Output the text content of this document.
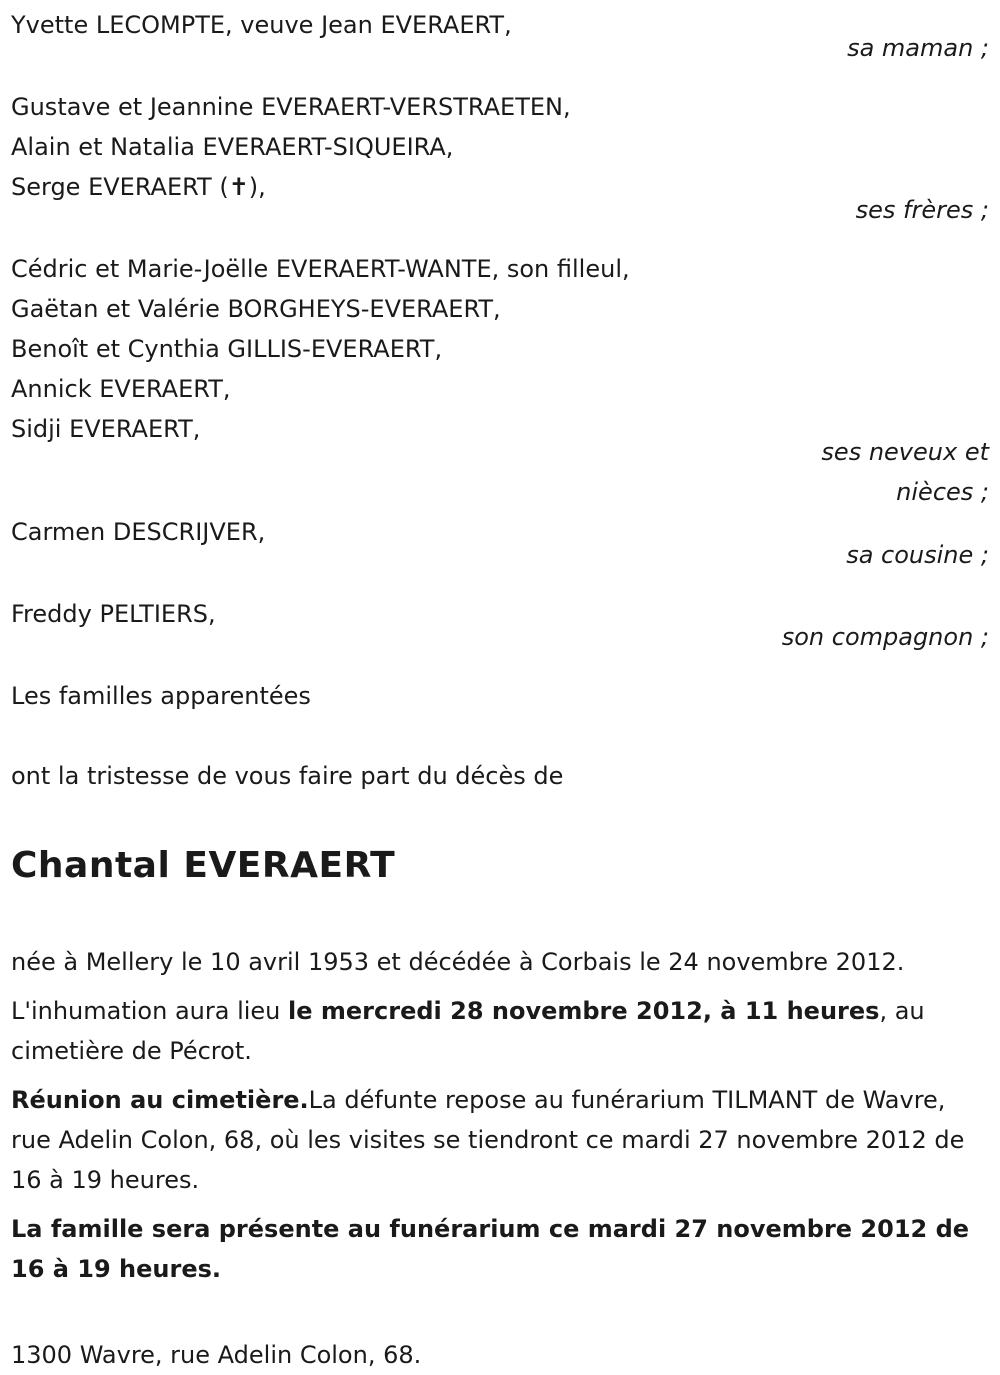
Yvette LECOMPTE, veuve Jean EVERAERT,
sa maman ;
Gustave et Jeannine EVERAERT-VERSTRAETEN,
Alain et Natalia EVERAERT-SIQUEIRA,
Serge EVERAERT (✝),
ses frères ;
Cédric et Marie-Joëlle EVERAERT-WANTE, son filleul,
Gaëtan et Valérie BORGHEYS-EVERAERT,
Benoît et Cynthia GILLIS-EVERAERT,
Annick EVERAERT,
Sidji EVERAERT,
ses neveux et
nièces ;
Carmen DESCRIJVER,
sa cousine ;
Freddy PELTIERS,
son compagnon ;
Les familles apparentées
ont la tristesse de vous faire part du décès de
Chantal EVERAERT

née à Mellery le 10 avril 1953 et décédée à Corbais le 24 novembre 2012.

L'inhumation aura lieu le mercredi 28 novembre 2012, à 11 heures, au cimetière de Pécrot.

Réunion au cimetière.La défunte repose au funérarium TILMANT de Wavre, rue Adelin Colon, 68, où les visites se tiendront ce mardi 27 novembre 2012 de 16 à 19 heures.

La famille sera présente au funérarium ce mardi 27 novembre 2012 de 16 à 19 heures.

1300 Wavre, rue Adelin Colon, 68.
